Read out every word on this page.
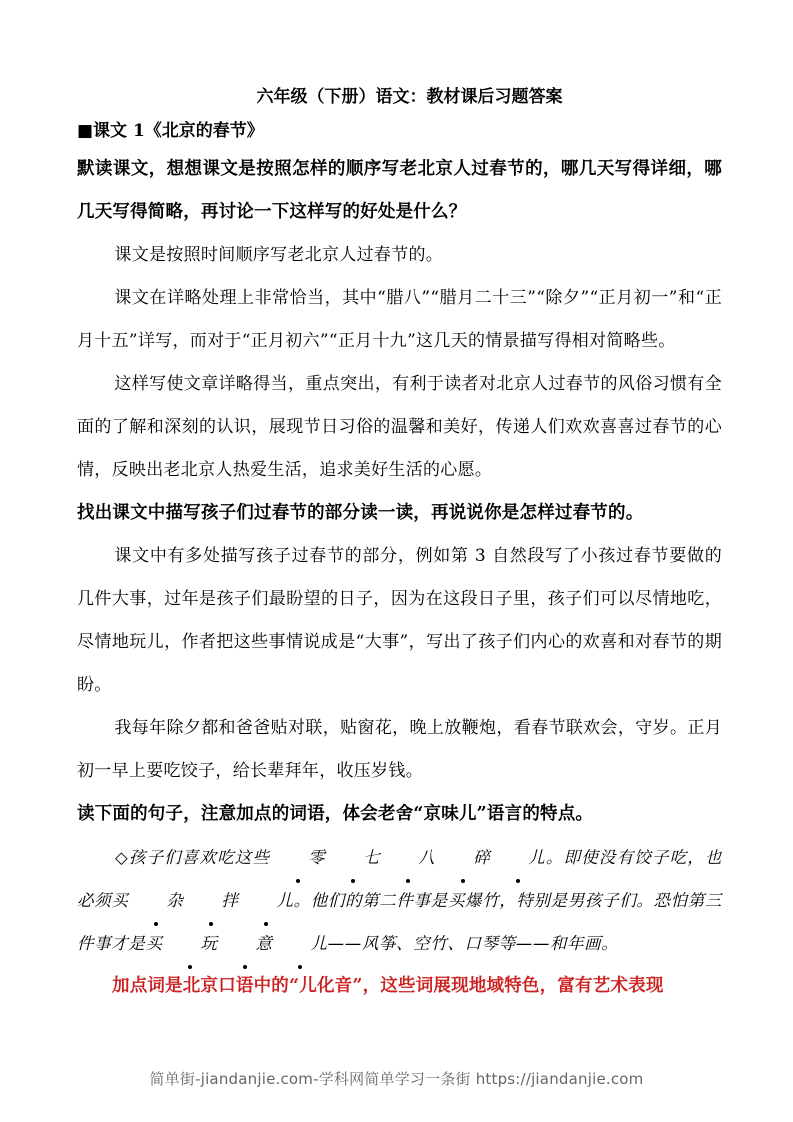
六年级（下册）语文：教材课后习题答案
■课文 1《北京的春节》

默读课文，想想课文是按照怎样的顺序写老北京人过春节的，哪几天写得详细，哪几天写得简略，再讨论一下这样写的好处是什么？

课文是按照时间顺序写老北京人过春节的。

课文在详略处理上非常恰当，其中“腊八”“腊月二十三”“除夕”“正月初一”和“正月十五”详写，而对于“正月初六”“正月十九”这几天的情景描写得相对简略些。

这样写使文章详略得当，重点突出，有利于读者对北京人过春节的风俗习惯有全面的了解和深刻的认识，展现节日习俗的温馨和美好，传递人们欢欢喜喜过春节的心情，反映出老北京人热爱生活，追求美好生活的心愿。

找出课文中描写孩子们过春节的部分读一读，再说说你是怎样过春节的。

课文中有多处描写孩子过春节的部分，例如第 3 自然段写了小孩过春节要做的几件大事，过年是孩子们最盼望的日子，因为在这段日子里，孩子们可以尽情地吃，尽情地玩儿，作者把这些事情说成是“大事”，写出了孩子们内心的欢喜和对春节的期盼。

我每年除夕都和爸爸贴对联，贴窗花，晚上放鞭炮，看春节联欢会，守岁。正月初一早上要吃饺子，给长辈拜年，收压岁钱。

读下面的句子，注意加点的词语，体会老舍“京味儿”语言的特点。

◇孩子们喜欢吃这些 零 七 八 碎 儿。即使没有饺子吃，也必须买 杂 拌 儿。他们的第二件事是买爆竹，特别是男孩子们。恐怕第三件事才是买 玩 意 儿——风筝、空竹、口琴等——和年画。

加点词是北京口语中的“儿化音”，这些词展现地域特色，富有艺术表现

简单街-jiandanjie.com-学科网简单学习一条街 https://jiandanjie.com
